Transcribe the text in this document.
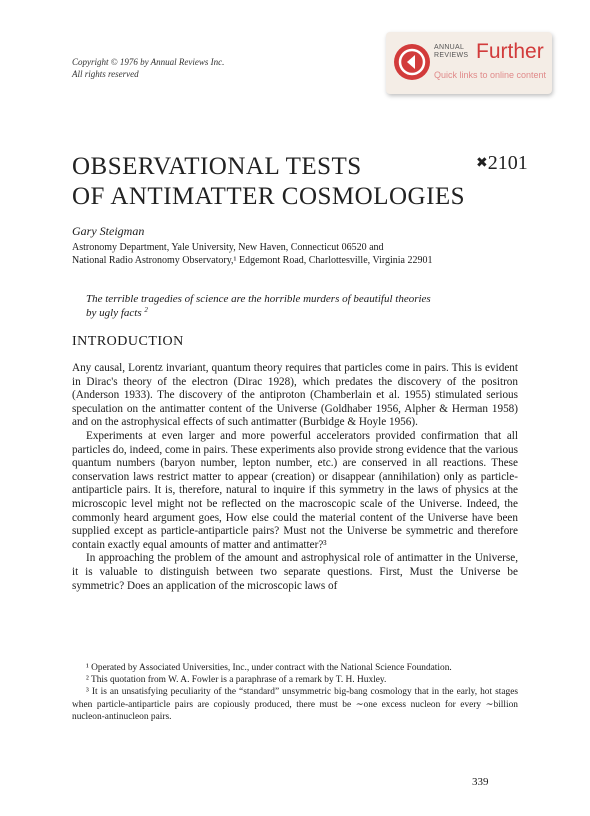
Copyright © 1976 by Annual Reviews Inc.
All rights reserved
ANNUAL
REVIEWS Further
Quick links to online content
OBSERVATIONAL TESTS
OF ANTIMATTER COSMOLOGIES
✖2101
Gary Steigman
Astronomy Department, Yale University, New Haven, Connecticut 06520 and
National Radio Astronomy Observatory,¹ Edgemont Road, Charlottesville, Virginia 22901
The terrible tragedies of science are the horrible murders of beautiful theories
by ugly facts $^2$
INTRODUCTION

Any causal, Lorentz invariant, quantum theory requires that particles come in pairs. This is evident in Dirac's theory of the electron (Dirac 1928), which predates the discovery of the positron (Anderson 1933). The discovery of the antiproton (Chamberlain et al. 1955) stimulated serious speculation on the antimatter content of the Universe (Goldhaber 1956, Alpher & Herman 1958) and on the astrophysical effects of such antimatter (Burbidge & Hoyle 1956).

Experiments at even larger and more powerful accelerators provided confirmation that all particles do, indeed, come in pairs. These experiments also provide strong evidence that the various quantum numbers (baryon number, lepton number, etc.) are conserved in all reactions. These conservation laws restrict matter to appear (creation) or disappear (annihilation) only as particle-antiparticle pairs. It is, therefore, natural to inquire if this symmetry in the laws of physics at the microscopic level might not be reflected on the macroscopic scale of the Universe. Indeed, the commonly heard argument goes, How else could the material content of the Universe have been supplied except as particle-antiparticle pairs? Must not the Universe be symmetric and therefore contain exactly equal amounts of matter and antimatter?³

In approaching the problem of the amount and astrophysical role of antimatter in the Universe, it is valuable to distinguish between two separate questions. First, Must the Universe be symmetric? Does an application of the microscopic laws of

¹ Operated by Associated Universities, Inc., under contract with the National Science Foundation.

² This quotation from W. A. Fowler is a paraphrase of a remark by T. H. Huxley.

³ It is an unsatisfying peculiarity of the “standard” unsymmetric big-bang cosmology that in the early, hot stages when particle-antiparticle pairs are copiously produced, there must be ∼one excess nucleon for every ∼billion nucleon-antinucleon pairs.

339
